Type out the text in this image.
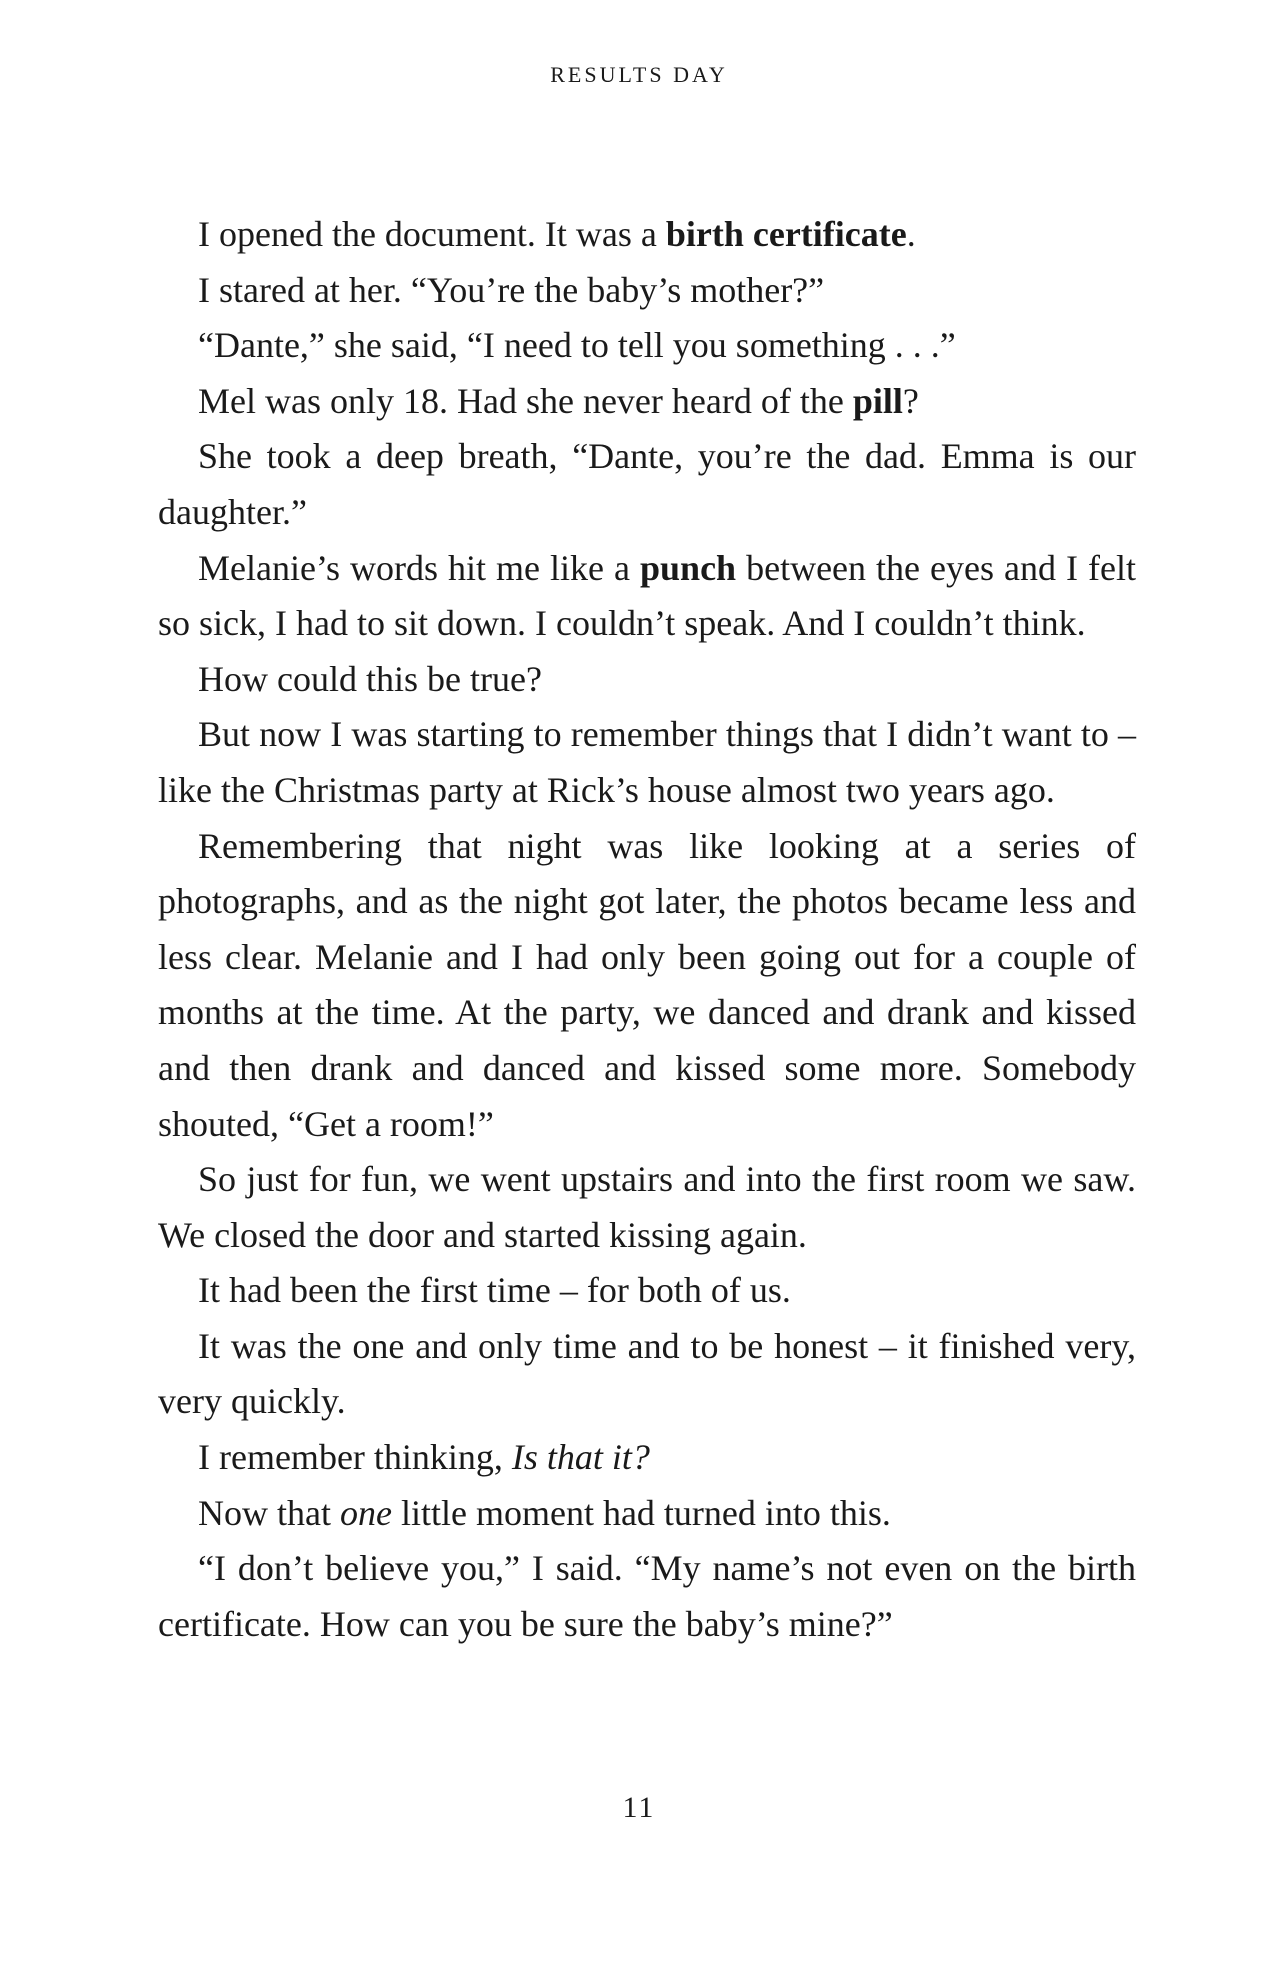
RESULTS DAY

I opened the document. It was a birth certificate.

I stared at her. “You’re the baby’s mother?”

“Dante,” she said, “I need to tell you something . . .”

Mel was only 18. Had she never heard of the pill?

She took a deep breath, “Dante, you’re the dad. Emma is our daughter.”

Melanie’s words hit me like a punch between the eyes and I felt so sick, I had to sit down. I couldn’t speak. And I couldn’t think.

How could this be true?

But now I was starting to remember things that I didn’t want to – like the Christmas party at Rick’s house almost two years ago.

Remembering that night was like looking at a series of photographs, and as the night got later, the photos became less and less clear. Melanie and I had only been going out for a couple of months at the time. At the party, we danced and drank and kissed and then drank and danced and kissed some more. Somebody shouted, “Get a room!”

So just for fun, we went upstairs and into the first room we saw. We closed the door and started kissing again.

It had been the first time – for both of us.

It was the one and only time and to be honest – it finished very, very quickly.

I remember thinking, Is that it?

Now that one little moment had turned into this.

“I don’t believe you,” I said. “My name’s not even on the birth certificate. How can you be sure the baby’s mine?”

11
